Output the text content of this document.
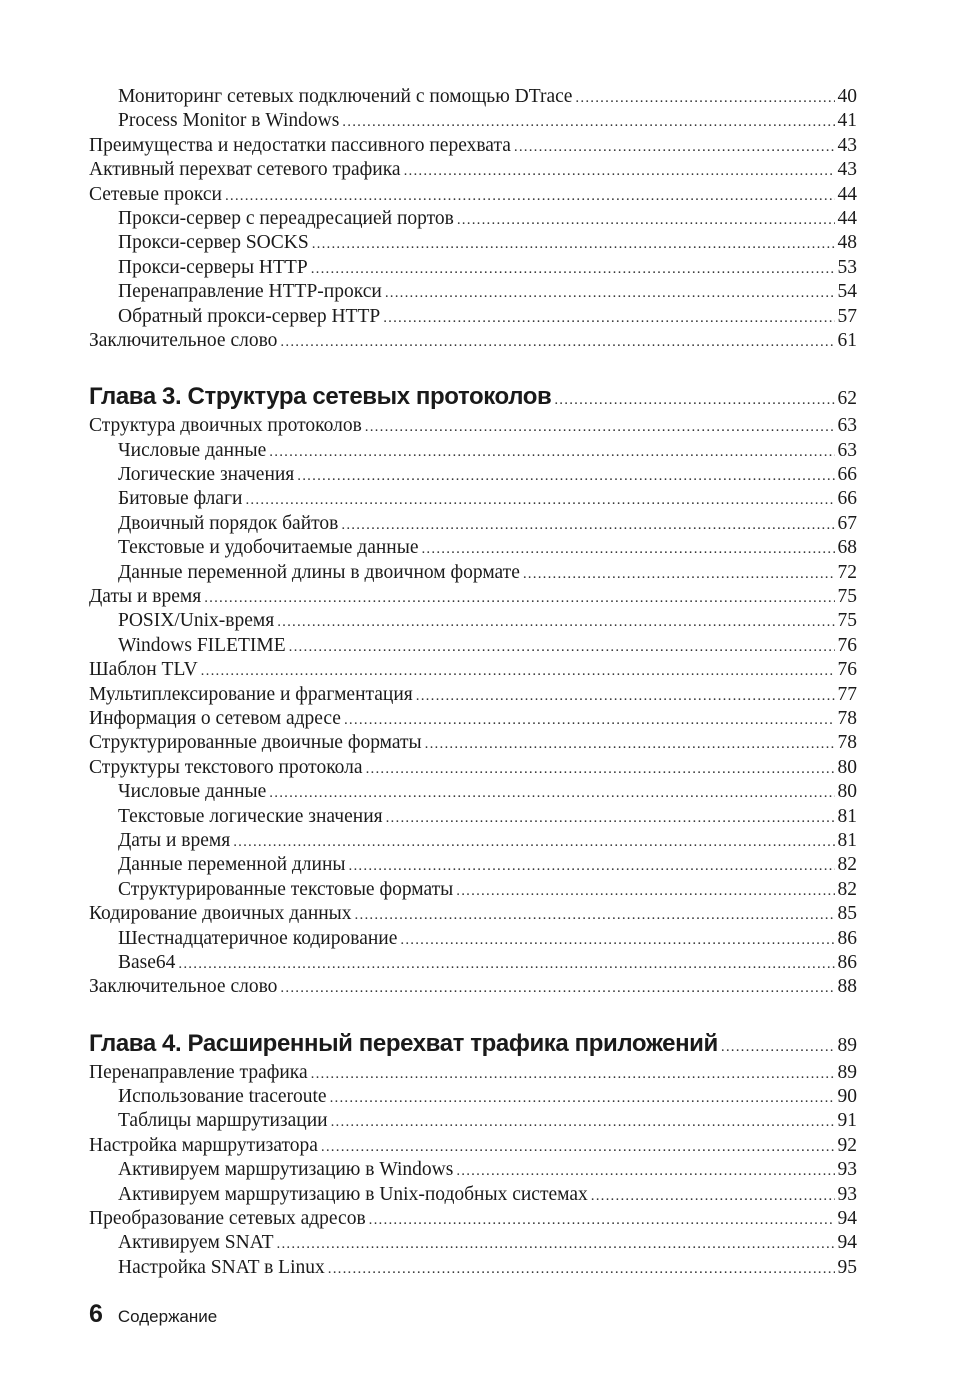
Мониторинг сетевых подключений с помощью DTrace .....	40
Process Monitor в Windows .....	41
Преимущества и недостатки пассивного перехвата .....	43
Активный перехват сетевого трафика .....	43
Сетевые прокси .....	44
Прокси-сервер с переадресацией портов .....	44
Прокси-сервер SOCKS .....	48
Прокси-серверы HTTP .....	53
Перенаправление HTTP-прокси .....	54
Обратный прокси-сервер HTTP .....	57
Заключительное слово .....	61
Глава 3. Структура сетевых протоколов .....	62
Структура двоичных протоколов .....	63
Числовые данные .....	63
Логические значения .....	66
Битовые флаги .....	66
Двоичный порядок байтов .....	67
Текстовые и удобочитаемые данные .....	68
Данные переменной длины в двоичном формате .....	72
Даты и время .....	75
POSIX/Unix-время .....	75
Windows FILETIME .....	76
Шаблон TLV .....	76
Мультиплексирование и фрагментация .....	77
Информация о сетевом адресе .....	78
Структурированные двоичные форматы .....	78
Структуры текстового протокола .....	80
Числовые данные .....	80
Текстовые логические значения .....	81
Даты и время .....	81
Данные переменной длины .....	82
Структурированные текстовые форматы .....	82
Кодирование двоичных данных .....	85
Шестнадцатеричное кодирование .....	86
Base64 .....	86
Заключительное слово .....	88
Глава 4. Расширенный перехват трафика приложений .....	89
Перенаправление трафика .....	89
Использование traceroute .....	90
Таблицы маршрутизации .....	91
Настройка маршрутизатора .....	92
Активируем маршрутизацию в Windows .....	93
Активируем маршрутизацию в Unix-подобных системах .....	93
Преобразование сетевых адресов .....	94
Активируем SNAT .....	94
Настройка SNAT в Linux .....	95
6 Содержание
